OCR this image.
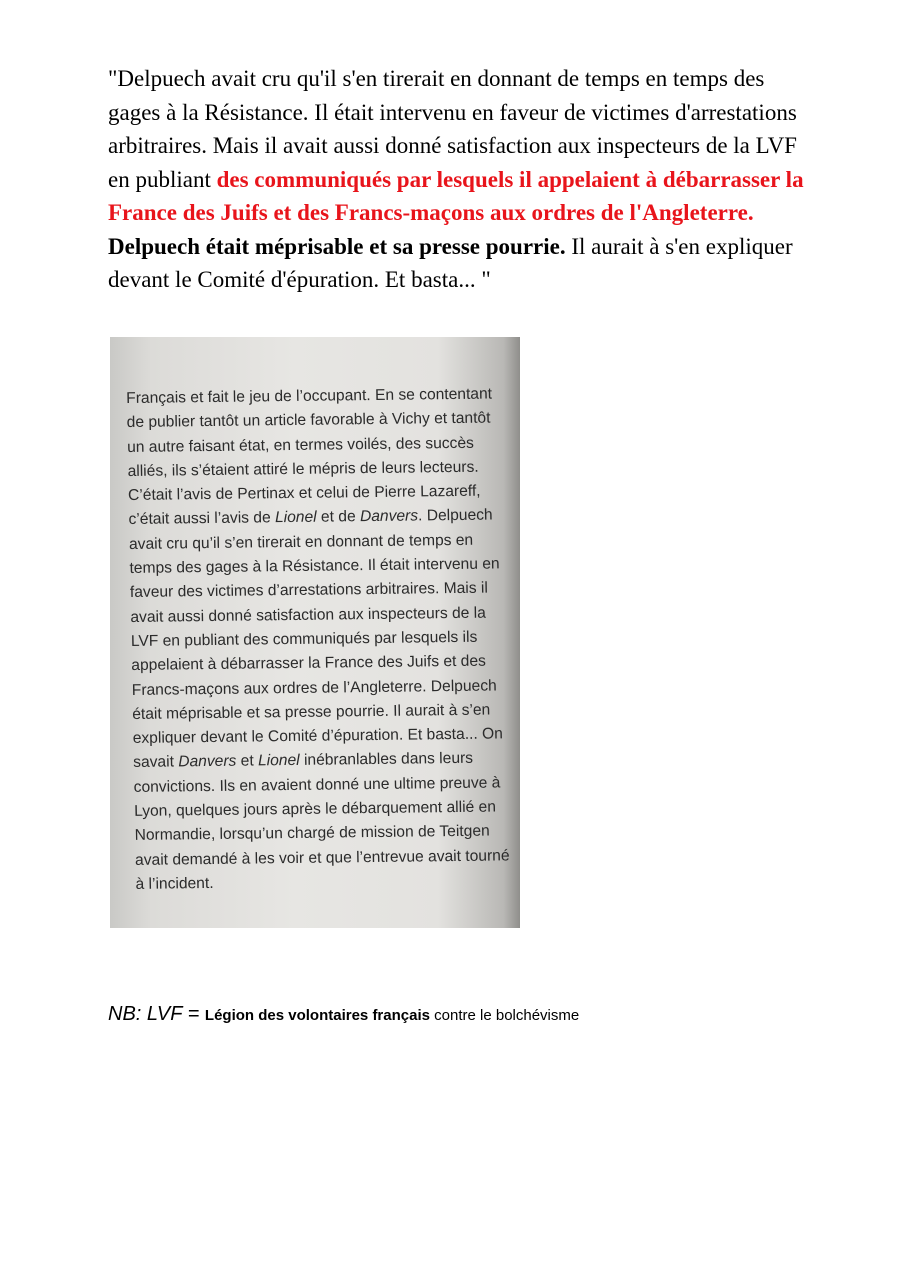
"Delpuech avait cru qu'il s'en tirerait en donnant de temps en temps des gages à la Résistance. Il était intervenu en faveur de victimes d'arrestations arbitraires. Mais il avait aussi donné satisfaction aux inspecteurs de la LVF en publiant des communiqués par lesquels il appelaient à débarrasser la France des Juifs et des Francs-maçons aux ordres de l'Angleterre. Delpuech était méprisable et sa presse pourrie. Il aurait à s'en expliquer devant le Comité d'épuration. Et basta... "

Français et fait le jeu de l’occupant. En se contentant

de publier tantôt un article favorable à Vichy et tantôt

un autre faisant état, en termes voilés, des succès

alliés, ils s’étaient attiré le mépris de leurs lecteurs.

C’était l’avis de Pertinax et celui de Pierre Lazareff,

c’était aussi l’avis de Lionel et de Danvers. Delpuech

avait cru qu’il s’en tirerait en donnant de temps en

temps des gages à la Résistance. Il était intervenu en

faveur des victimes d’arrestations arbitraires. Mais il

avait aussi donné satisfaction aux inspecteurs de la

LVF en publiant des communiqués par lesquels ils

appelaient à débarrasser la France des Juifs et des

Francs-maçons aux ordres de l’Angleterre. Delpuech

était méprisable et sa presse pourrie. Il aurait à s’en

expliquer devant le Comité d’épuration. Et basta... On

savait Danvers et Lionel inébranlables dans leurs

convictions. Ils en avaient donné une ultime preuve à

Lyon, quelques jours après le débarquement allié en

Normandie, lorsqu’un chargé de mission de Teitgen

avait demandé à les voir et que l’entrevue avait tourné

à l’incident.

NB: LVF = Légion des volontaires français contre le bolchévisme
